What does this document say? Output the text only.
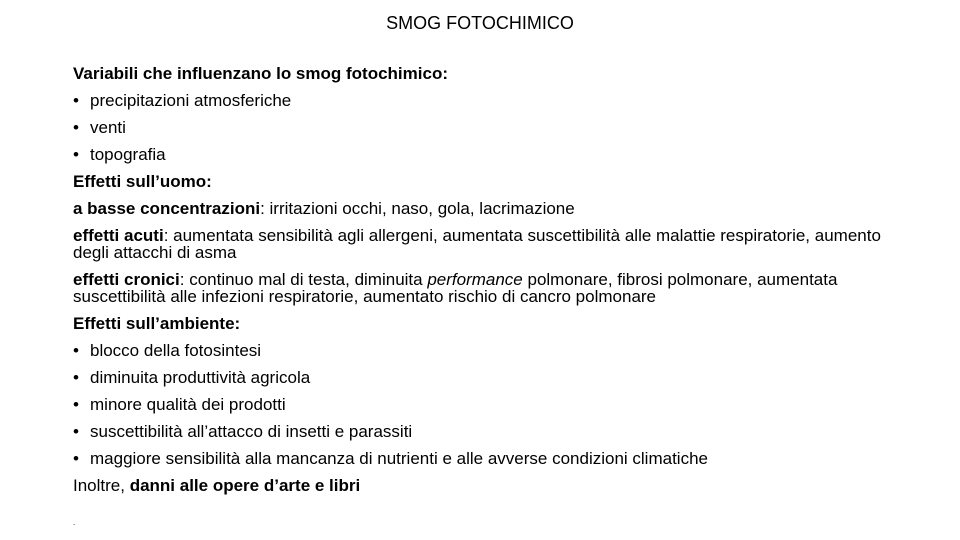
SMOG FOTOCHIMICO
Variabili che influenzano lo smog fotochimico:
• precipitazioni atmosferiche
• venti
• topografia
Effetti sull’uomo:
a basse concentrazioni: irritazioni occhi, naso, gola, lacrimazione
effetti acuti: aumentata sensibilità agli allergeni, aumentata suscettibilità alle malattie respiratorie, aumento degli attacchi di asma
effetti cronici: continuo mal di testa, diminuita performance polmonare, fibrosi polmonare, aumentata suscettibilità alle infezioni respiratorie, aumentato rischio di cancro polmonare
Effetti sull’ambiente:
• blocco della fotosintesi
• diminuita produttività agricola
• minore qualità dei prodotti
• suscettibilità all’attacco di insetti e parassiti
• maggiore sensibilità alla mancanza di nutrienti e alle avverse condizioni climatiche
Inoltre, danni alle opere d’arte e libri
.
